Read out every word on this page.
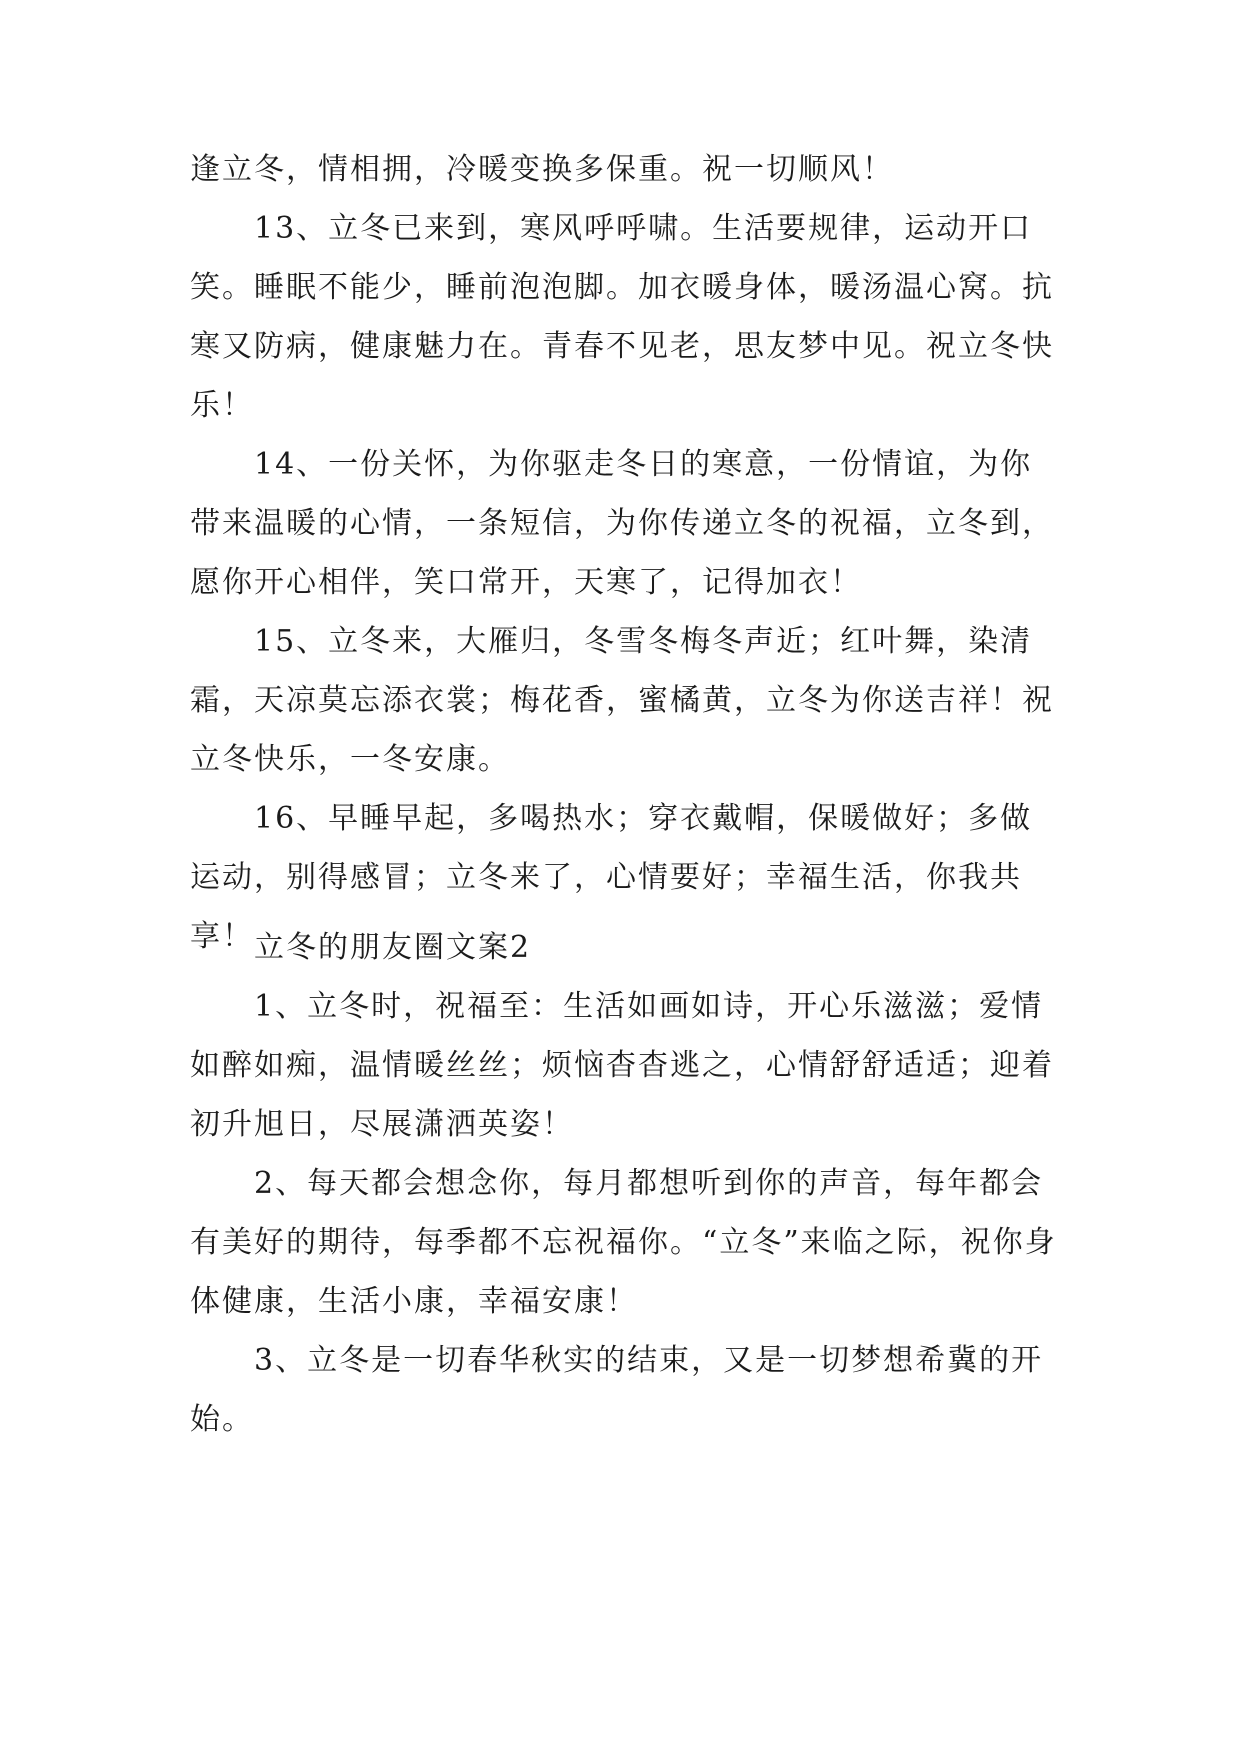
逢立冬，情相拥，冷暖变换多保重。祝一切顺风！

13、立冬已来到，寒风呼呼啸。生活要规律，运动开口笑。睡眠不能少，睡前泡泡脚。加衣暖身体，暖汤温心窝。抗寒又防病，健康魅力在。青春不见老，思友梦中见。祝立冬快乐！

14、一份关怀，为你驱走冬日的寒意，一份情谊，为你带来温暖的心情，一条短信，为你传递立冬的祝福，立冬到，愿你开心相伴，笑口常开，天寒了，记得加衣！

15、立冬来，大雁归，冬雪冬梅冬声近；红叶舞，染清霜，天凉莫忘添衣裳；梅花香，蜜橘黄，立冬为你送吉祥！祝立冬快乐，一冬安康。

16、早睡早起，多喝热水；穿衣戴帽，保暖做好；多做运动，别得感冒；立冬来了，心情要好；幸福生活，你我共享！ 立冬的朋友圈文案2

1、立冬时，祝福至：生活如画如诗，开心乐滋滋；爱情如醉如痴，温情暖丝丝；烦恼杳杳逃之，心情舒舒适适；迎着初升旭日，尽展潇洒英姿！

2、每天都会想念你，每月都想听到你的声音，每年都会有美好的期待，每季都不忘祝福你。“立冬”来临之际，祝你身体健康，生活小康，幸福安康！

3、立冬是一切春华秋实的结束，又是一切梦想希冀的开始。
